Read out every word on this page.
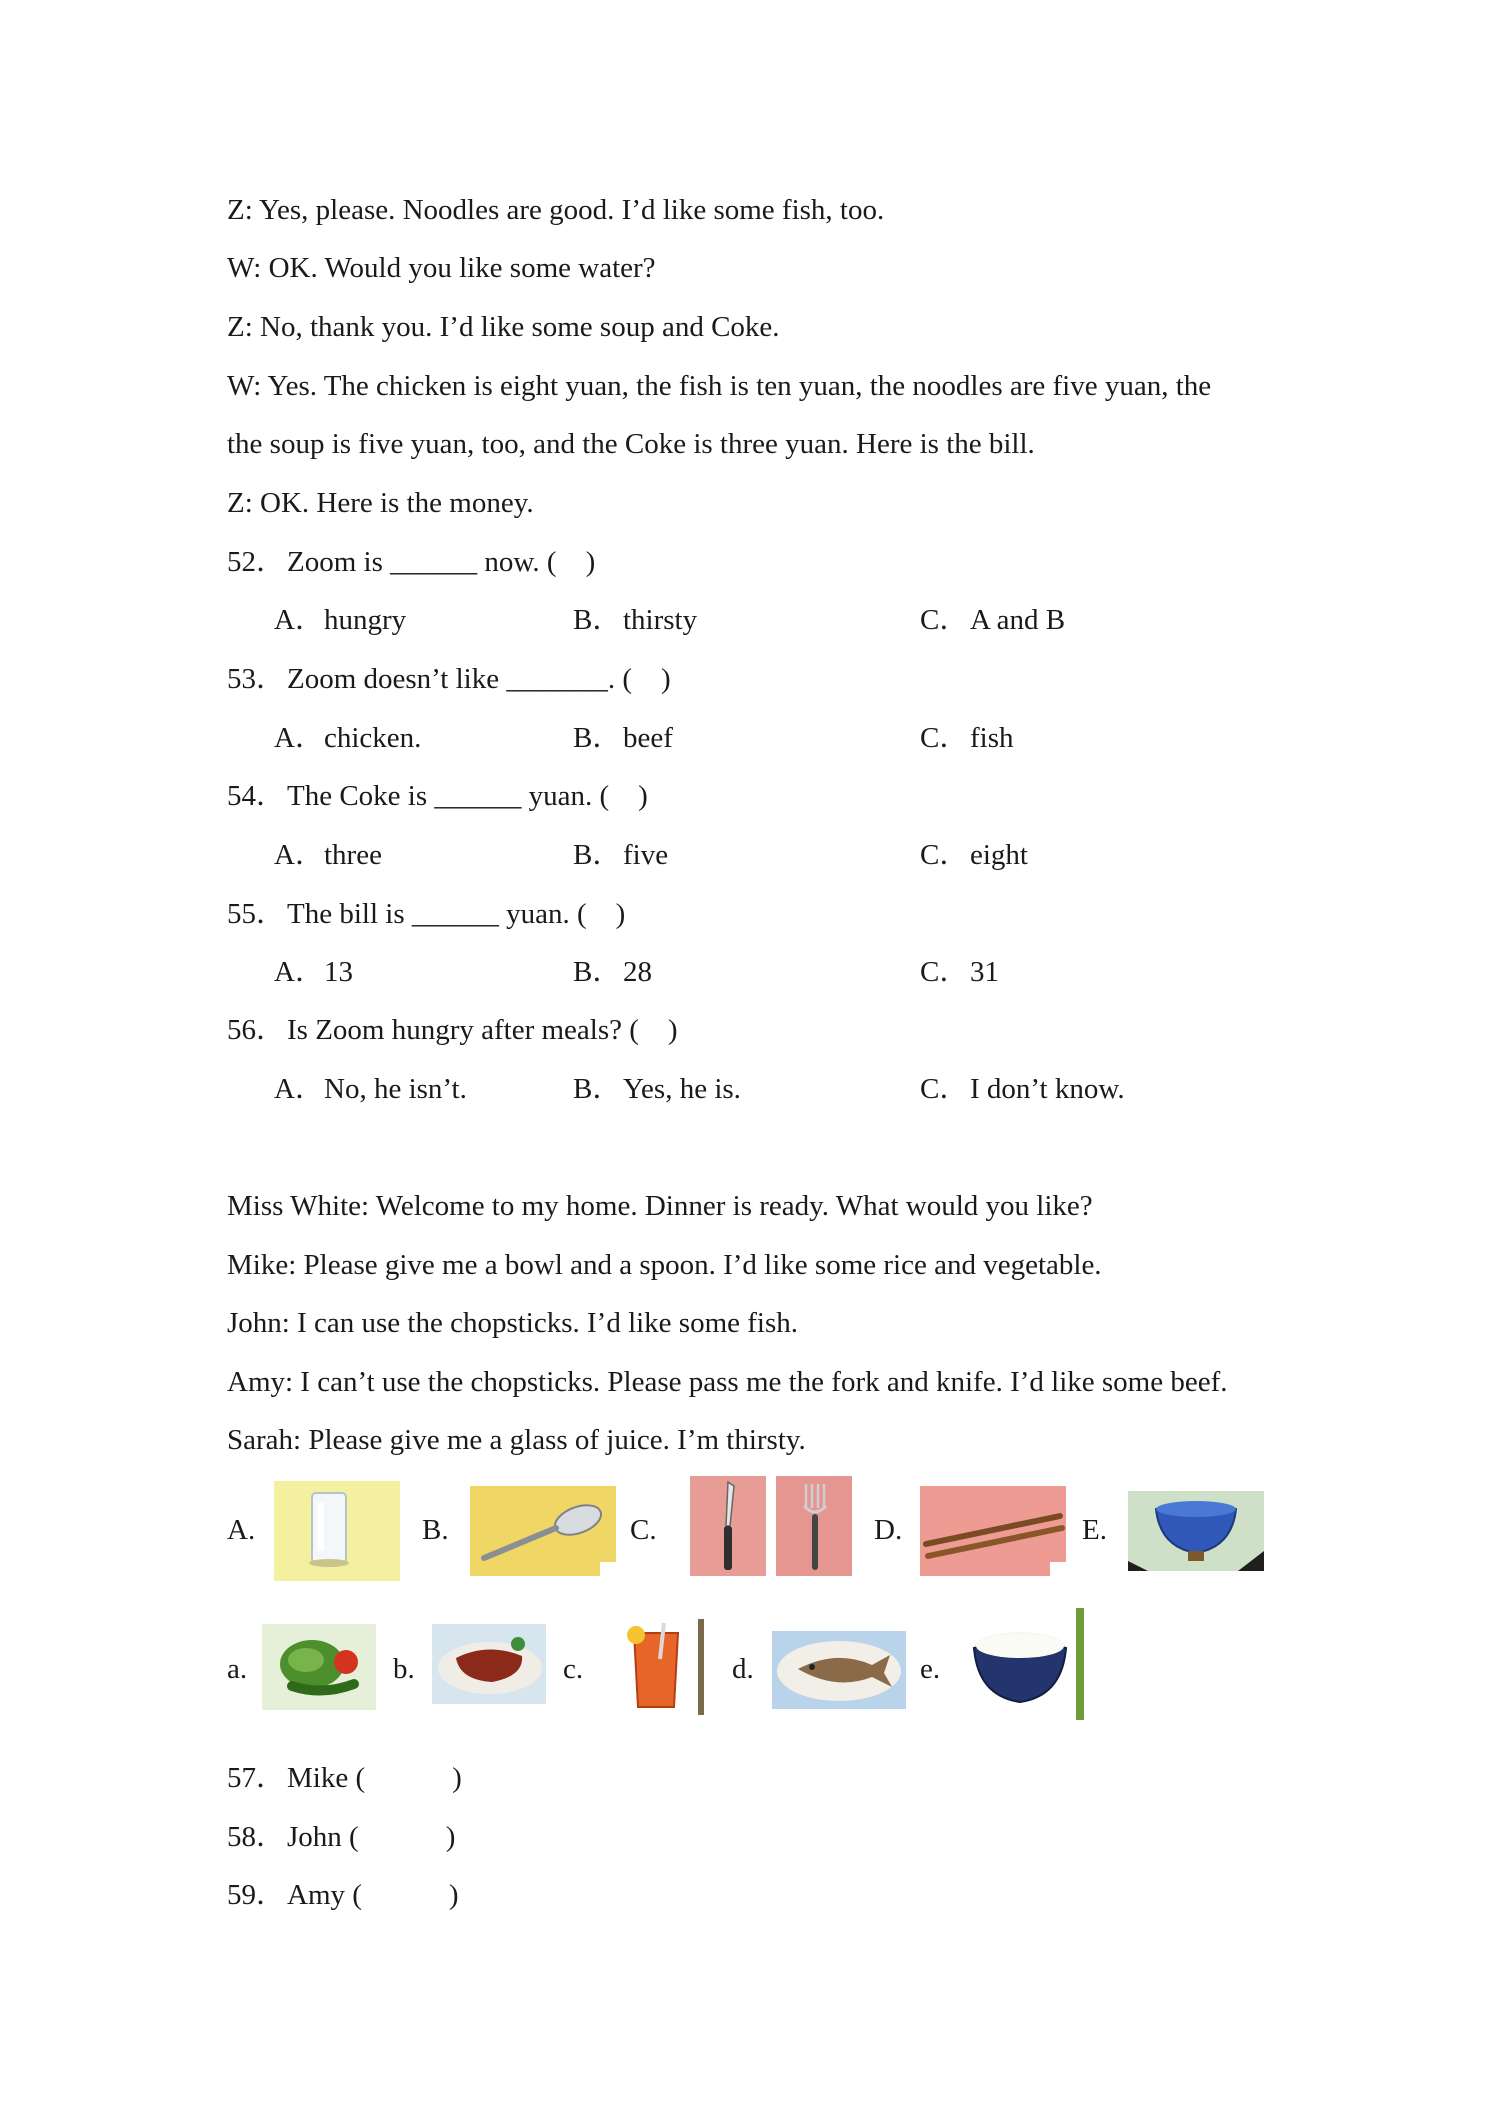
Z: Yes, please. Noodles are good. I’d like some fish, too.
W: OK. Would you like some water?
Z: No, thank you. I’d like some soup and Coke.
W: Yes. The chicken is eight yuan, the fish is ten yuan, the noodles are five yuan, the
the soup is five yuan, too, and the Coke is three yuan. Here is the bill.
Z: OK. Here is the money.
52．Zoom is ______ now. (　)
A．hungry	B．thirsty	C．A and B
53．Zoom doesn’t like _______. (　)
A．chicken.	B．beef	C．fish
54．The Coke is ______ yuan. (　)
A．three	B．five	C．eight
55．The bill is ______ yuan. (　)
A．13	B．28	C．31
56．Is Zoom hungry after meals? (　)
A．No, he isn’t.	B．Yes, he is.	C．I don’t know.
Miss White: Welcome to my home. Dinner is ready. What would you like?
Mike: Please give me a bowl and a spoon. I’d like some rice and vegetable.
John: I can use the chopsticks. I’d like some fish.
Amy: I can’t use the chopsticks. Please pass me the fork and knife. I’d like some beef.
Sarah: Please give me a glass of juice. I’m thirsty.
A.	B.	C.	D.	E.
a.	b.	c.	d.	e.
57．Mike (　　　)
58．John (　　　)
59．Amy (　　　)
